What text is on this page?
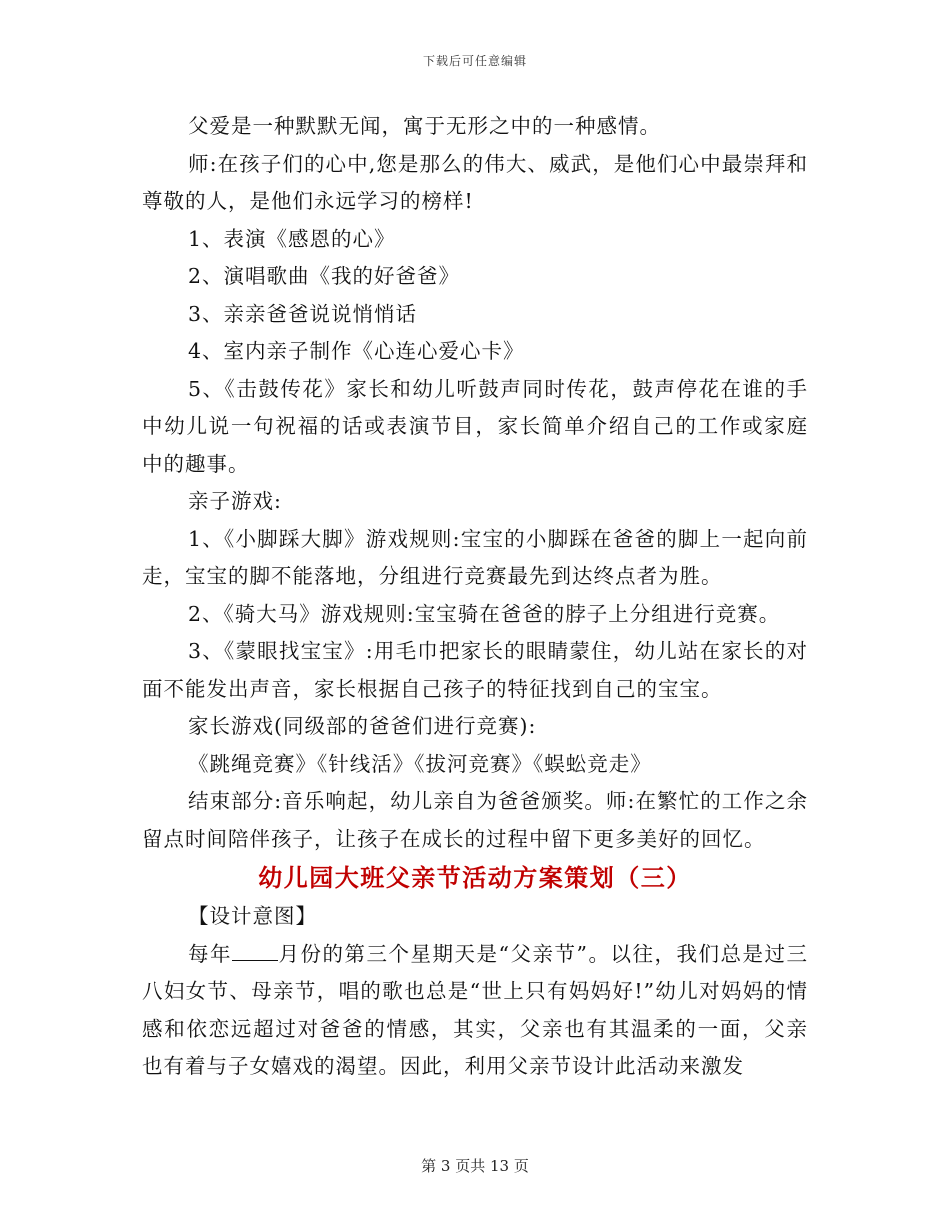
下载后可任意编辑

父爱是一种默默无闻，寓于无形之中的一种感情。

师:在孩子们的心中,您是那么的伟大、威武，是他们心中最崇拜和尊敬的人，是他们永远学习的榜样!

1、表演《感恩的心》

2、演唱歌曲《我的好爸爸》

3、亲亲爸爸说说悄悄话

4、室内亲子制作《心连心爱心卡》

5、《击鼓传花》家长和幼儿听鼓声同时传花，鼓声停花在谁的手中幼儿说一句祝福的话或表演节目，家长简单介绍自己的工作或家庭中的趣事。

亲子游戏:

1、《小脚踩大脚》游戏规则:宝宝的小脚踩在爸爸的脚上一起向前走，宝宝的脚不能落地，分组进行竞赛最先到达终点者为胜。

2、《骑大马》游戏规则:宝宝骑在爸爸的脖子上分组进行竞赛。

3、《蒙眼找宝宝》:用毛巾把家长的眼睛蒙住，幼儿站在家长的对面不能发出声音，家长根据自己孩子的特征找到自己的宝宝。

家长游戏(同级部的爸爸们进行竞赛):

《跳绳竞赛》《针线活》《拔河竞赛》《蜈蚣竞走》

结束部分:音乐响起，幼儿亲自为爸爸颁奖。师:在繁忙的工作之余留点时间陪伴孩子，让孩子在成长的过程中留下更多美好的回忆。

幼儿园大班父亲节活动方案策划（三）

【设计意图】

每年 月份的第三个星期天是“父亲节”。以往，我们总是过三八妇女节、母亲节，唱的歌也总是“世上只有妈妈好!”幼儿对妈妈的情感和依恋远超过对爸爸的情感，其实，父亲也有其温柔的一面，父亲也有着与子女嬉戏的渴望。因此，利用父亲节设计此活动来激发

第 3 页共 13 页
